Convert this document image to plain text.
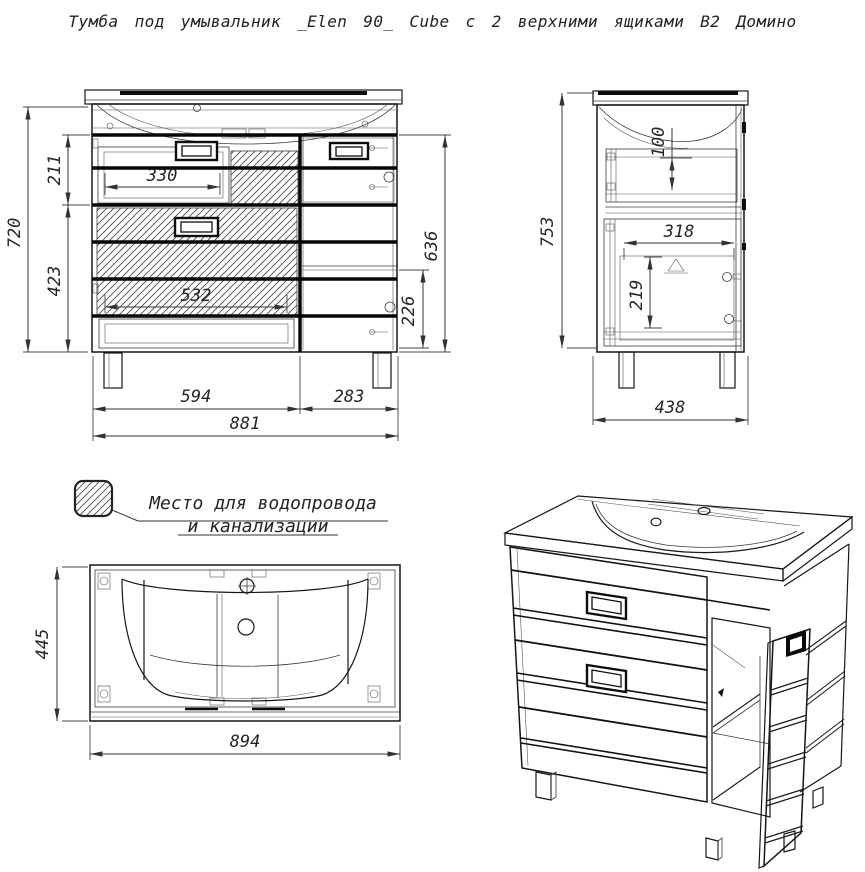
Тумба под умывальник _Elen 90_ Cube с 2 верхними ящиками В2 Домино
720
211
423
330
532
594	283
881
636
226
753
100
318
219
438
Место для водопровода
и канализации
445
894
